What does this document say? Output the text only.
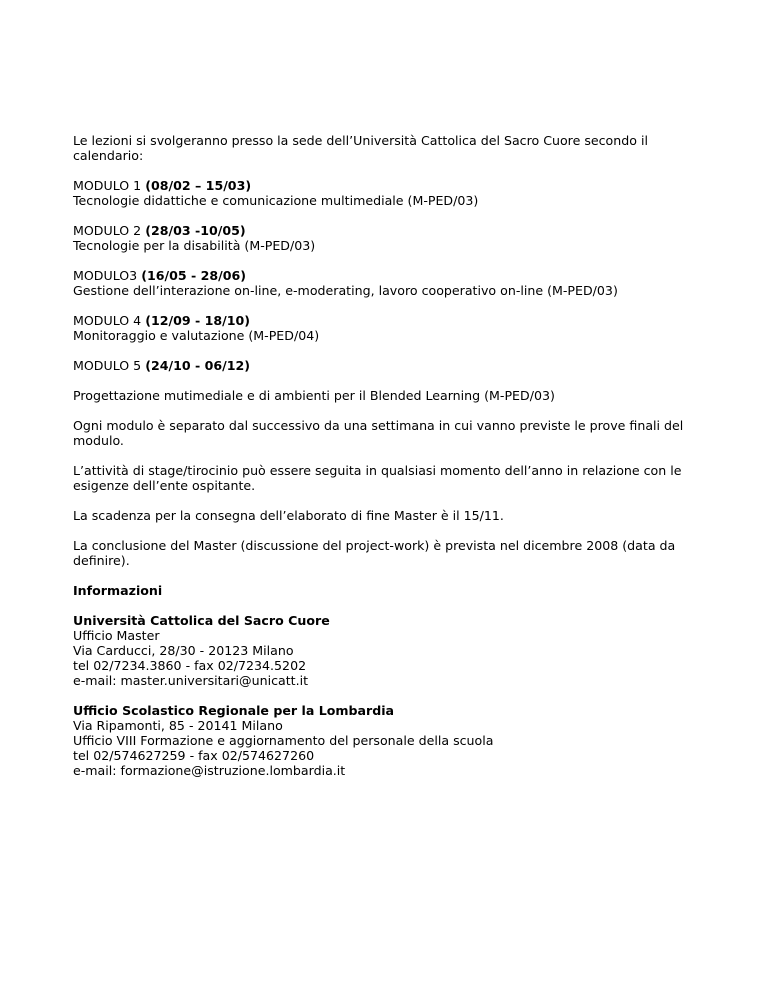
Le lezioni si svolgeranno presso la sede dell’Università Cattolica del Sacro Cuore secondo il calendario:

MODULO 1 (08/02 – 15/03)
Tecnologie didattiche e comunicazione multimediale (M-PED/03)

MODULO 2 (28/03 -10/05)
Tecnologie per la disabilità (M-PED/03)

MODULO3 (16/05 - 28/06)
Gestione dell’interazione on-line, e-moderating, lavoro cooperativo on-line (M-PED/03)

MODULO 4 (12/09 - 18/10)
Monitoraggio e valutazione (M-PED/04)

MODULO 5 (24/10 - 06/12)

Progettazione mutimediale e di ambienti per il Blended Learning (M-PED/03)

Ogni modulo è separato dal successivo da una settimana in cui vanno previste le prove finali del modulo.

L’attività di stage/tirocinio può essere seguita in qualsiasi momento dell’anno in relazione con le esigenze dell’ente ospitante.

La scadenza per la consegna dell’elaborato di fine Master è il 15/11.

La conclusione del Master (discussione del project-work) è prevista nel dicembre 2008 (data da definire).

Informazioni

Università Cattolica del Sacro Cuore
Ufficio Master
Via Carducci, 28/30 - 20123 Milano
tel 02/7234.3860 - fax 02/7234.5202
e-mail: master.universitari@unicatt.it

Ufficio Scolastico Regionale per la Lombardia
Via Ripamonti, 85 - 20141 Milano
Ufficio VIII Formazione e aggiornamento del personale della scuola
tel 02/574627259 - fax 02/574627260
e-mail: formazione@istruzione.lombardia.it
